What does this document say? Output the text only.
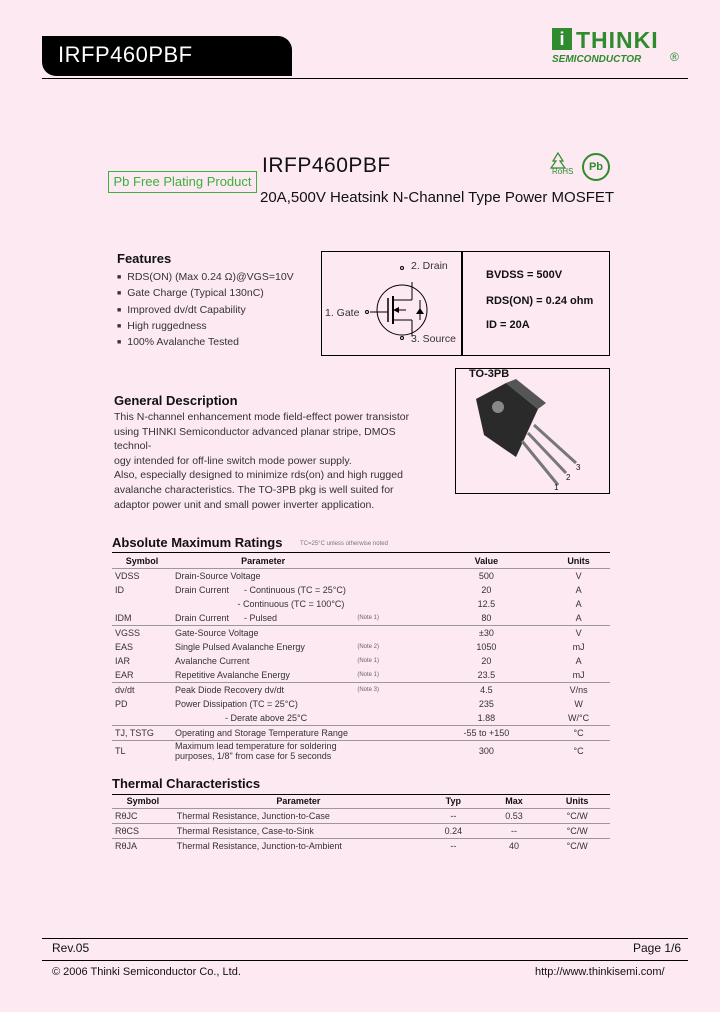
IRFP460PBF
i THINKI
SEMICONDUCTOR ®
Pb Free Plating Product
IRFP460PBF
20A,500V Heatsink N-Channel Type Power MOSFET
RoHS	Pb
Features
■ RDS(ON) (Max 0.24 Ω)@VGS=10V
■ Gate Charge (Typical 130nC)
■ Improved dv/dt Capability
■ High ruggedness
■ 100% Avalanche Tested
2. Drain
1. Gate
3. Source
BVDSS = 500V
RDS(ON) = 0.24 ohm
ID = 20A
TO-3PB
1
2
3
General Description
This N-channel enhancement mode field-effect power transistor
using THINKI Semiconductor advanced planar stripe, DMOS technol-
ogy intended for off-line switch mode power supply.
Also, especially designed to minimize rds(on) and high rugged
avalanche characteristics. The TO-3PB pkg is well suited for
adaptor power unit and small power inverter application.
Absolute Maximum Ratings	TC=25°C unless otherwise noted
Symbol	Parameter		Value	Units
VDSS	Drain-Source Voltage		500	V
ID	Drain Current      - Continuous (TC = 25°C)		20	A
	- Continuous (TC = 100°C)		12.5	A
IDM	Drain Current      - Pulsed	(Note 1)	80	A
VGSS	Gate-Source Voltage		±30	V
EAS	Single Pulsed Avalanche Energy	(Note 2)	1050	mJ
IAR	Avalanche Current	(Note 1)	20	A
EAR	Repetitive Avalanche Energy	(Note 1)	23.5	mJ
dv/dt	Peak Diode Recovery dv/dt	(Note 3)	4.5	V/ns
PD	Power Dissipation (TC = 25°C)		235	W
	- Derate above 25°C		1.88	W/°C
TJ, TSTG	Operating and Storage Temperature Range		-55 to +150	°C
TL	Maximum lead temperature for soldering purposes, 1/8" from case for 5 seconds		300	°C
Thermal Characteristics
Symbol	Parameter	Typ	Max	Units
RθJC	Thermal Resistance, Junction-to-Case	--	0.53	°C/W
RθCS	Thermal Resistance, Case-to-Sink	0.24	--	°C/W
RθJA	Thermal Resistance, Junction-to-Ambient	--	40	°C/W
Rev.05	Page 1/6
© 2006 Thinki Semiconductor Co., Ltd.	http://www.thinkisemi.com/
